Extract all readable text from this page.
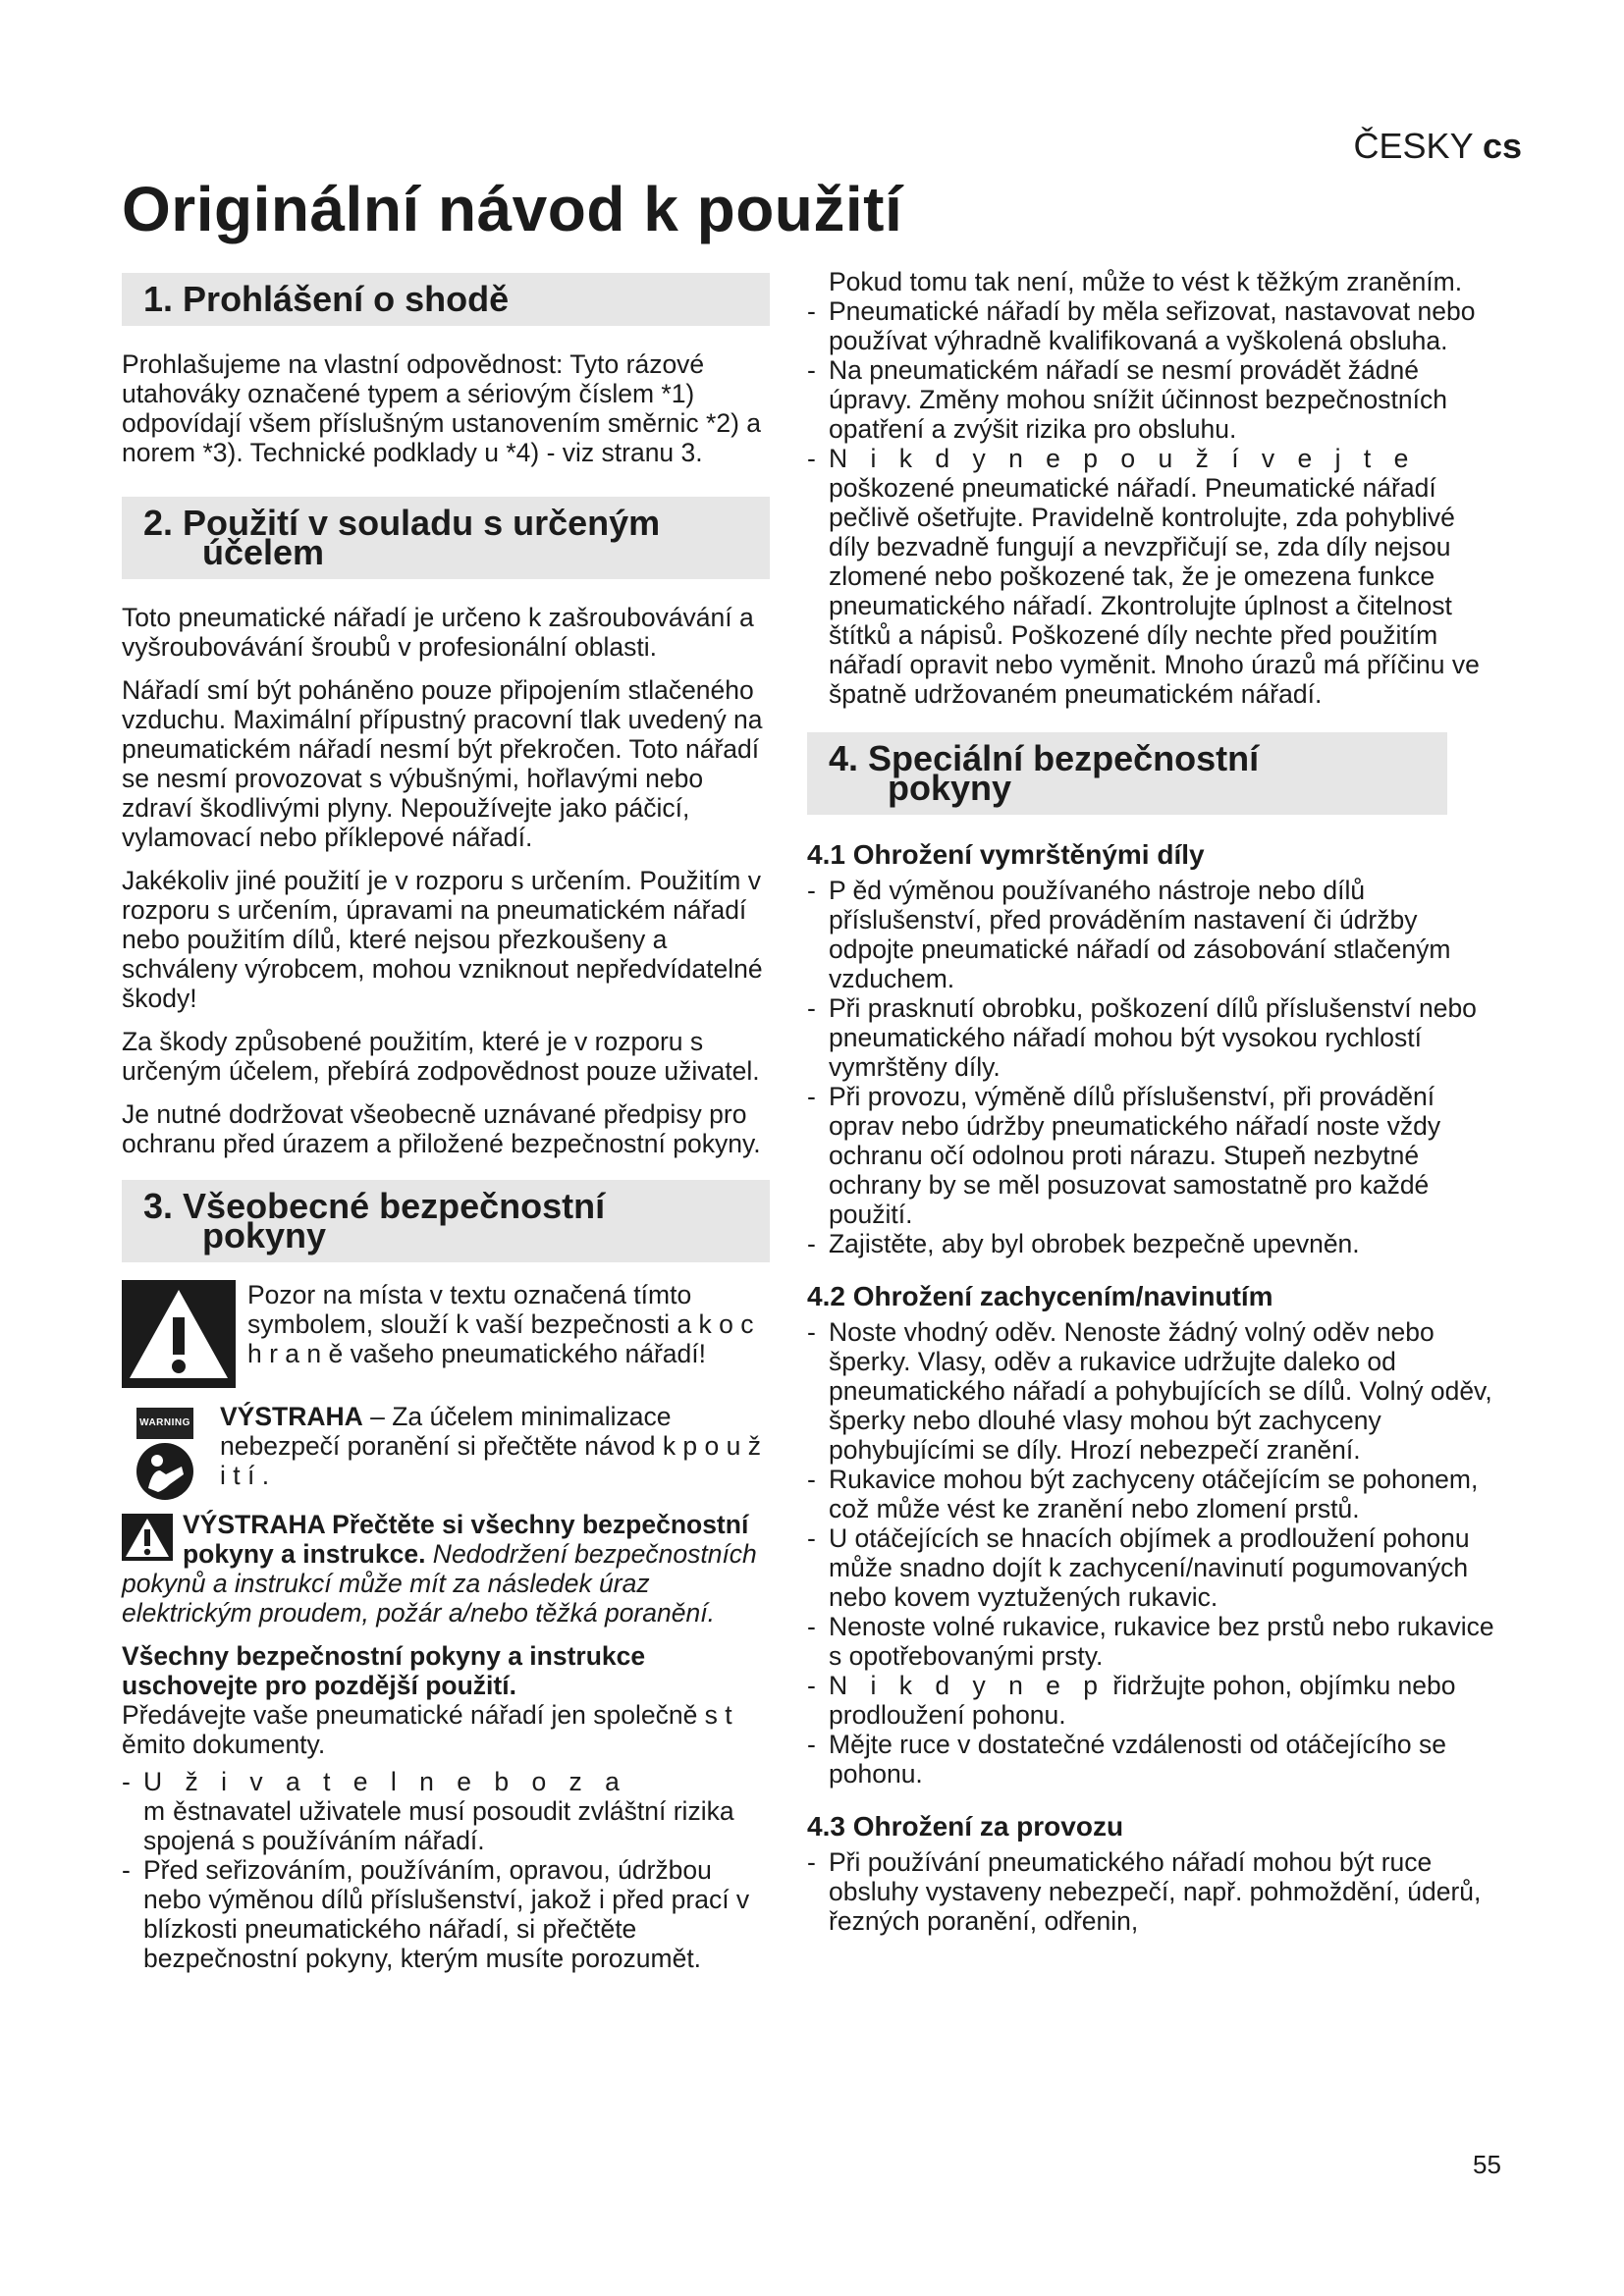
ČESKY cs
Originální návod k použití
1. Prohlášení o shodě

Prohlašujeme na vlastní odpovědnost: Tyto rázové utahováky označené typem a sériovým číslem *1) odpovídají všem příslušným ustanovením směrnic *2) a norem *3). Technické podklady u *4) - viz stranu 3.

2. Použití v souladu s určeným
účelem

Toto pneumatické nářadí je určeno k zašroubovávání a vyšroubovávání šroubů v profesionální oblasti.

Nářadí smí být poháněno pouze připojením stlačeného vzduchu. Maximální přípustný pracovní tlak uvedený na pneumatickém nářadí nesmí být překročen. Toto nářadí se nesmí provozovat s výbušnými, hořlavými nebo zdraví škodlivými plyny. Nepoužívejte jako páčicí, vylamovací nebo příklepové nářadí.

Jakékoliv jiné použití je v rozporu s určením. Použitím v rozporu s určením, úpravami na pneumatickém nářadí nebo použitím dílů, které nejsou přezkoušeny a schváleny výrobcem, mohou vzniknout nepředvídatelné škody!

Za škody způsobené použitím, které je v rozporu s určeným účelem, přebírá zodpovědnost pouze uživatel.

Je nutné dodržovat všeobecně uznávané předpisy pro ochranu před úrazem a přiložené bezpečnostní pokyny.

3. Všeobecné bezpečnostní
pokyny
Pozor na místa v textu označená tímto symbolem, slouží k vaší bezpečnosti a k o c h r a n ě vašeho pneumatického nářadí!
WARNING	VÝSTRAHA – Za účelem minimalizace nebezpečí poranění si přečtěte návod k p o u ž i t í .
VÝSTRAHA Přečtěte si všechny bezpečnostní pokyny a instrukce. Nedodržení bezpečnostních pokynů a instrukcí může mít za následek úraz elektrickým proudem, požár a/nebo těžká poranění.
Všechny bezpečnostní pokyny a instrukce uschovejte pro pozdější použití.
Předávejte vaše pneumatické nářadí jen společně s t ěmito dokumenty.
- U ž i v a t e l n e b o z a městnavatel uživatele musí posoudit zvláštní rizika spojená s používáním nářadí.
- Před seřizováním, používáním, opravou, údržbou nebo výměnou dílů příslušenství, jakož i před prací v blízkosti pneumatického nářadí, si přečtěte bezpečnostní pokyny, kterým musíte porozumět.
Pokud tomu tak není, může to vést k těžkým zraněním.
- Pneumatické nářadí by měla seřizovat, nastavovat nebo používat výhradně kvalifikovaná a vyškolená obsluha.
- Na pneumatickém nářadí se nesmí provádět žádné úpravy. Změny mohou snížit účinnost bezpečnostních opatření a zvýšit rizika pro obsluhu.
- N i k d y n e p o u ž í v e j t e poškozené pneumatické nářadí. Pneumatické nářadí pečlivě ošetřujte. Pravidelně kontrolujte, zda pohyblivé díly bezvadně fungují a nevzpřičují se, zda díly nejsou zlomené nebo poškozené tak, že je omezena funkce pneumatického nářadí. Zkontrolujte úplnost a čitelnost štítků a nápisů. Poškozené díly nechte před použitím nářadí opravit nebo vyměnit. Mnoho úrazů má příčinu ve špatně udržovaném pneumatickém nářadí.
4. Speciální bezpečnostní
pokyny
4.1 Ohrožení vymrštěnými díly
- P ěd výměnou používaného nástroje nebo dílů příslušenství, před prováděním nastavení či údržby odpojte pneumatické nářadí od zásobování stlačeným vzduchem.
- Při prasknutí obrobku, poškození dílů příslušenství nebo pneumatického nářadí mohou být vysokou rychlostí vymrštěny díly.
- Při provozu, výměně dílů příslušenství, při provádění oprav nebo údržby pneumatického nářadí noste vždy ochranu očí odolnou proti nárazu. Stupeň nezbytné ochrany by se měl posuzovat samostatně pro každé použití.
- Zajistěte, aby byl obrobek bezpečně upevněn.
4.2 Ohrožení zachycením/navinutím
- Noste vhodný oděv. Nenoste žádný volný oděv nebo šperky. Vlasy, oděv a rukavice udržujte daleko od pneumatického nářadí a pohybujících se dílů. Volný oděv, šperky nebo dlouhé vlasy mohou být zachyceny pohybujícími se díly. Hrozí nebezpečí zranění.
- Rukavice mohou být zachyceny otáčejícím se pohonem, což může vést ke zranění nebo zlomení prstů.
- U otáčejících se hnacích objímek a prodloužení pohonu může snadno dojít k zachycení/navinutí pogumovaných nebo kovem vyztužených rukavic.
- Nenoste volné rukavice, rukavice bez prstů nebo rukavice s opotřebovanými prsty.
- N i k d y n e p řidržujte pohon, objímku nebo prodloužení pohonu.
- Mějte ruce v dostatečné vzdálenosti od otáčejícího se pohonu.
4.3 Ohrožení za provozu
- Při používání pneumatického nářadí mohou být ruce obsluhy vystaveny nebezpečí, např. pohmoždění, úderů, řezných poranění, odřenin,
55
